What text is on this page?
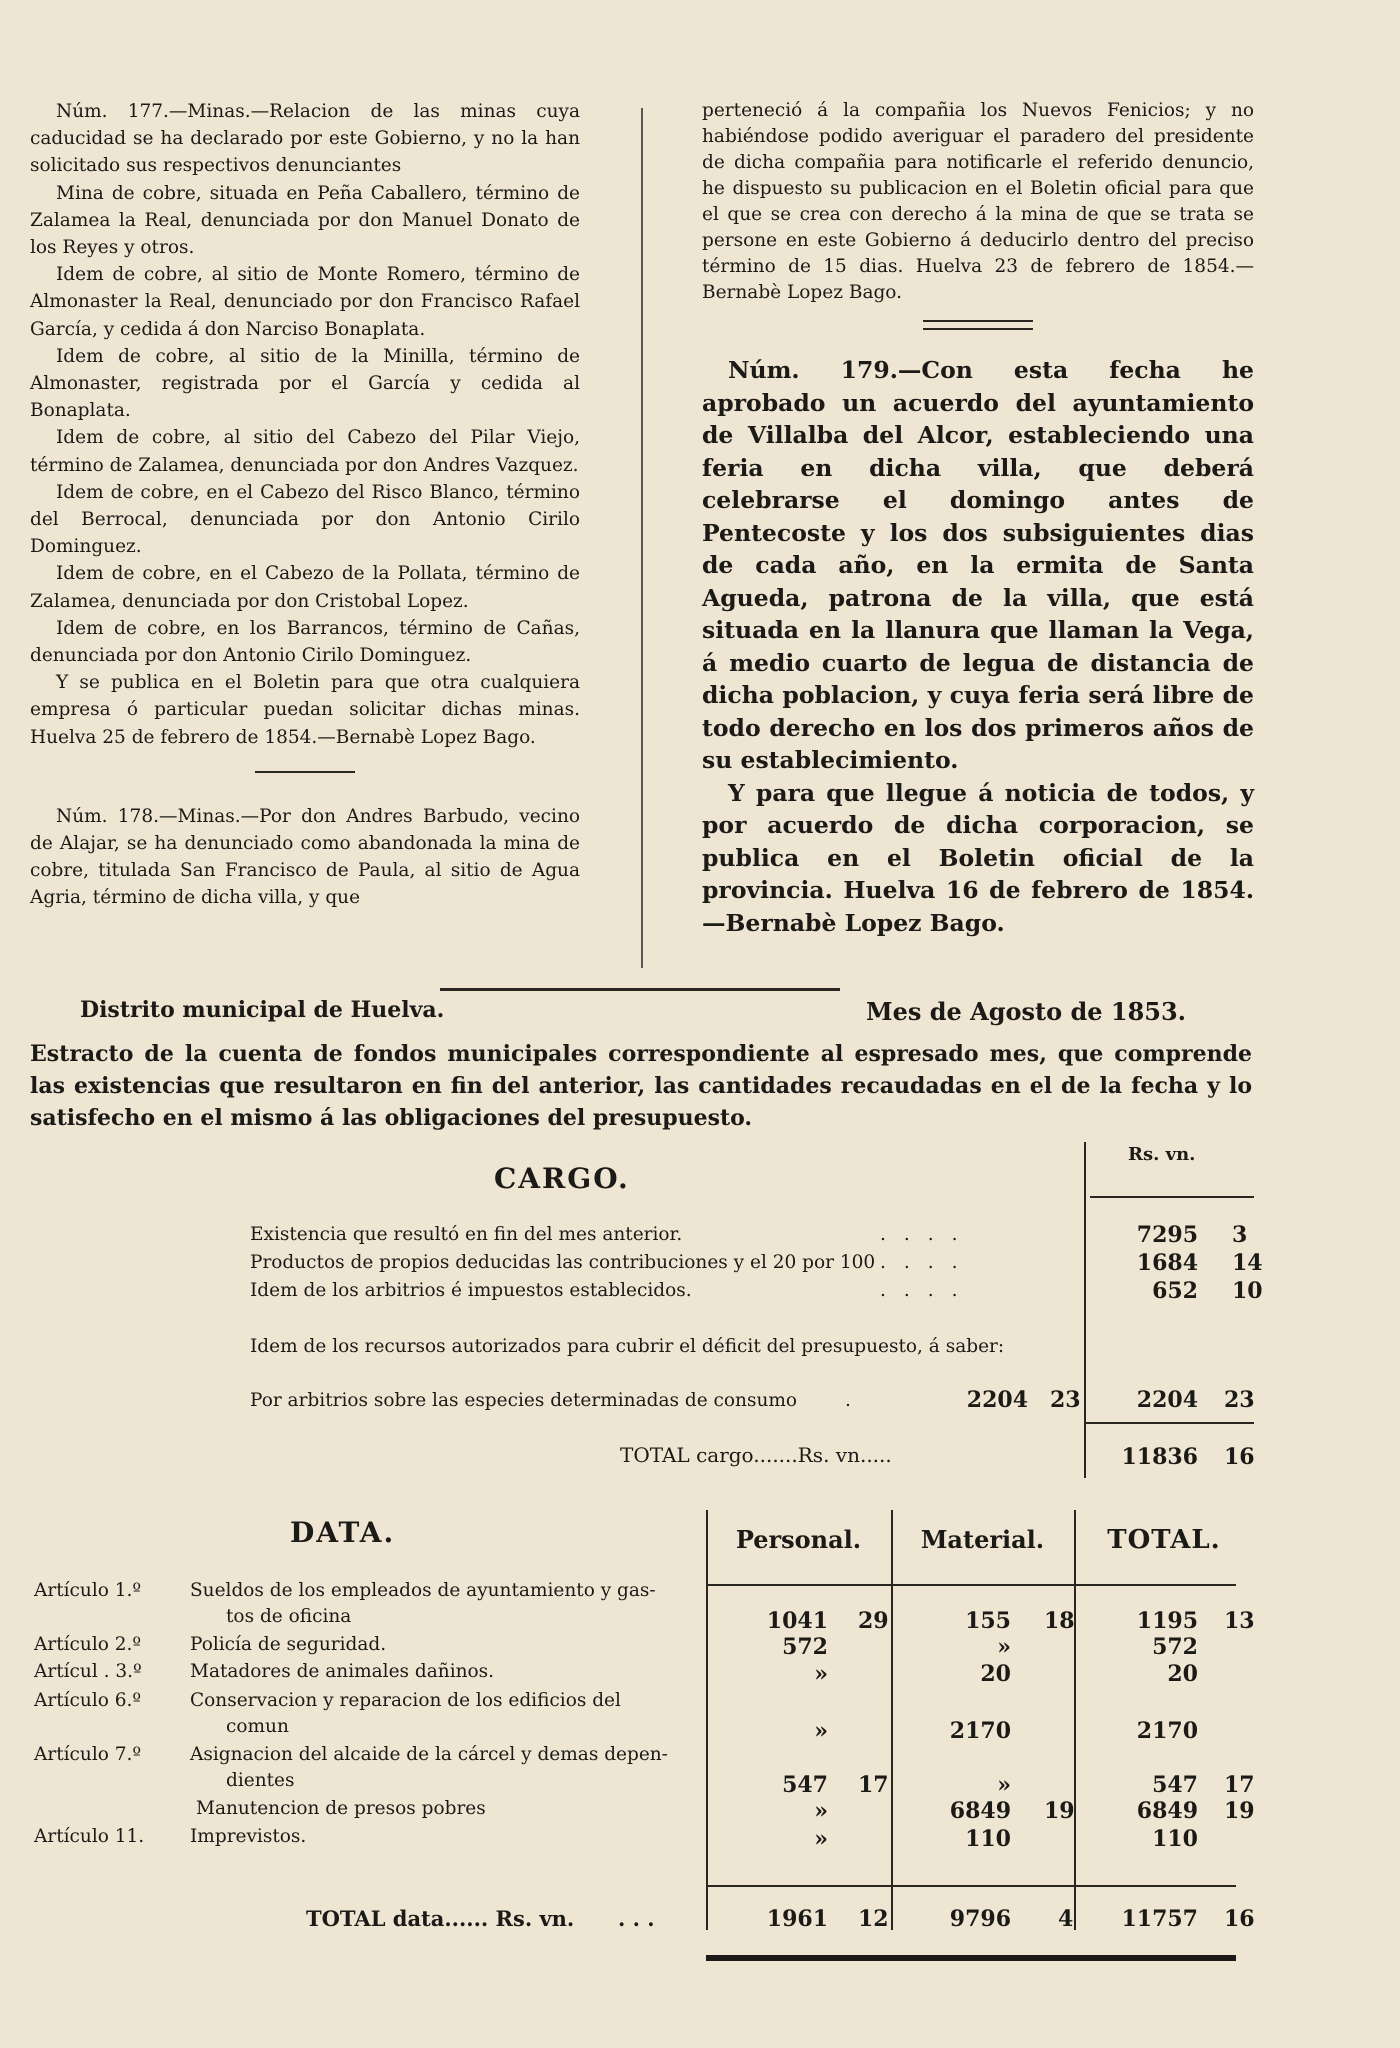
Núm. 177.—Minas.—Relacion de las minas cuya caducidad se ha declarado por este Gobierno, y no la han solicitado sus respectivos denunciantes

Mina de cobre, situada en Peña Caballero, término de Zalamea la Real, denunciada por don Manuel Donato de los Reyes y otros.

Idem de cobre, al sitio de Monte Romero, término de Almonaster la Real, denunciado por don Francisco Rafael García, y cedida á don Narciso Bonaplata.

Idem de cobre, al sitio de la Minilla, término de Almonaster, registrada por el García y cedida al Bonaplata.

Idem de cobre, al sitio del Cabezo del Pilar Viejo, término de Zalamea, denunciada por don Andres Vazquez.

Idem de cobre, en el Cabezo del Risco Blanco, término del Berrocal, denunciada por don Antonio Cirilo Dominguez.

Idem de cobre, en el Cabezo de la Pollata, término de Zalamea, denunciada por don Cristobal Lopez.

Idem de cobre, en los Barrancos, término de Cañas, denunciada por don Antonio Cirilo Dominguez.

Y se publica en el Boletin para que otra cualquiera empresa ó particular puedan solicitar dichas minas. Huelva 25 de febrero de 1854.—Bernabè Lopez Bago.

Núm. 178.—Minas.—Por don Andres Barbudo, vecino de Alajar, se ha denunciado como abandonada la mina de cobre, titulada San Francisco de Paula, al sitio de Agua Agria, término de dicha villa, y que

perteneció á la compañia los Nuevos Fenicios; y no habiéndose podido averiguar el paradero del presidente de dicha compañia para notificarle el referido denuncio, he dispuesto su publicacion en el Boletin oficial para que el que se crea con derecho á la mina de que se trata se persone en este Gobierno á deducirlo dentro del preciso término de 15 dias. Huelva 23 de febrero de 1854.—Bernabè Lopez Bago.

Núm. 179.—Con esta fecha he aprobado un acuerdo del ayuntamiento de Villalba del Alcor, estableciendo una feria en dicha villa, que deberá celebrarse el domingo antes de Pentecoste y los dos subsiguientes dias de cada año, en la ermita de Santa Agueda, patrona de la villa, que está situada en la llanura que llaman la Vega, á medio cuarto de legua de distancia de dicha poblacion, y cuya feria será libre de todo derecho en los dos primeros años de su establecimiento.

Y para que llegue á noticia de todos, y por acuerdo de dicha corporacion, se publica en el Boletin oficial de la provincia. Huelva 16 de febrero de 1854.—Bernabè Lopez Bago.

Distrito municipal de Huelva.	Mes de Agosto de 1853.
Estracto de la cuenta de fondos municipales correspondiente al espresado mes, que comprende las existencias que resultaron en fin del anterior, las cantidades recaudadas en el de la fecha y lo satisfecho en el mismo á las obligaciones del presupuesto.
Rs. vn.
CARGO.
Existencia que resultó en fin del mes anterior.	....	7295 3
Productos de propios deducidas las contribuciones y el 20 por 100 ....	1684 14
Idem de los arbitrios é impuestos establecidos.	....	652 10
Idem de los recursos autorizados para cubrir el déficit del presupuesto, á saber:
Por arbitrios sobre las especies determinadas de consumo	.	2204 23	2204 23
TOTAL cargo.......Rs. vn.....	11836 16
DATA.	Personal.	Material.	TOTAL.
Artículo 1.º	Sueldos de los empleados de ayuntamiento y gas-
tos de oficina	1041 29	155 18	1195 13
Artículo 2.º	Policía de seguridad.	572	»	572
Artícul . 3.º	Matadores de animales dañinos.	»	20	20
Artículo 6.º	Conservacion y reparacion de los edificios del
comun	»	2170	2170
Artículo 7.º	Asignacion del alcaide de la cárcel y demas depen-
dientes	547 17	»	547 17
Manutencion de presos pobres	»	6849 19	6849 19
Artículo 11. Imprevistos.	»	110	110
TOTAL data...... Rs. vn. . . .	1961 12	9796 4	11757 16
